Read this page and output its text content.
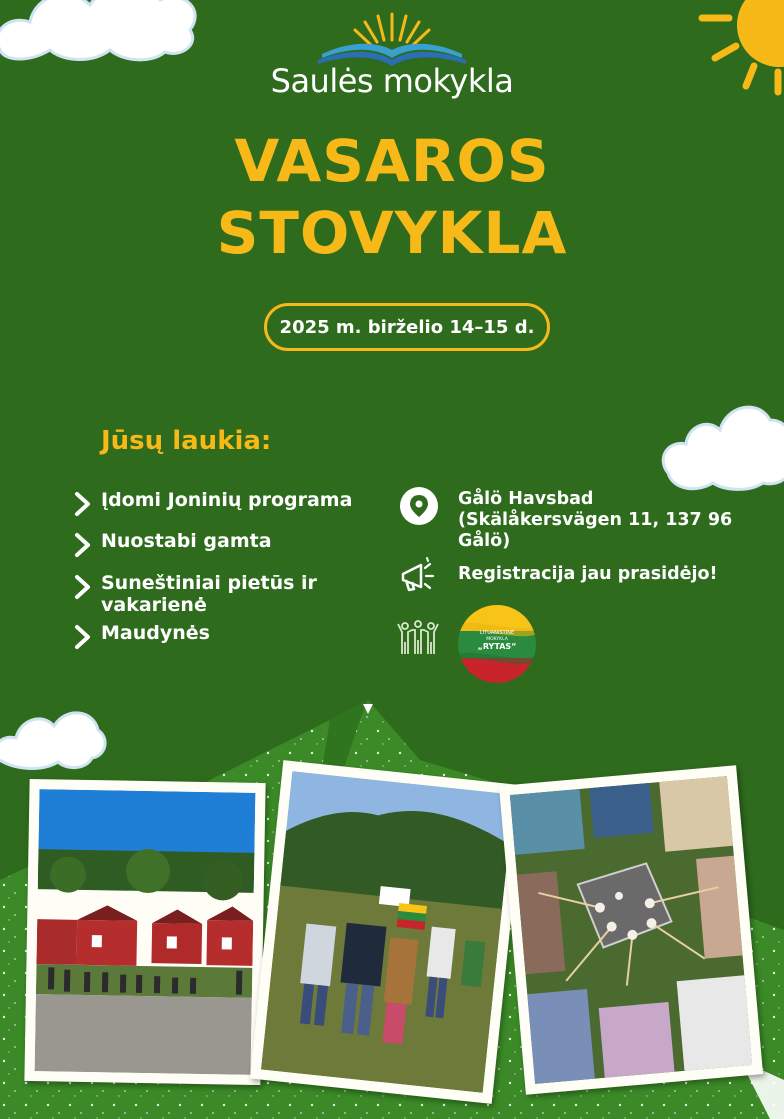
Saulės mokykla
VASAROS
STOVYKLA
2025 m. birželio 14–15 d.
Jūsų laukia:
Įdomi Joninių programa
Nuostabi gamta
Suneštiniai pietūs ir vakarienė
Maudynės
Gålö Havsbad (Skälåkersvägen 11, 137 96 Gålö)
Registracija jau prasidėjo!
LITUANISTINĖ
MOKYKLA
„RYTAS“
